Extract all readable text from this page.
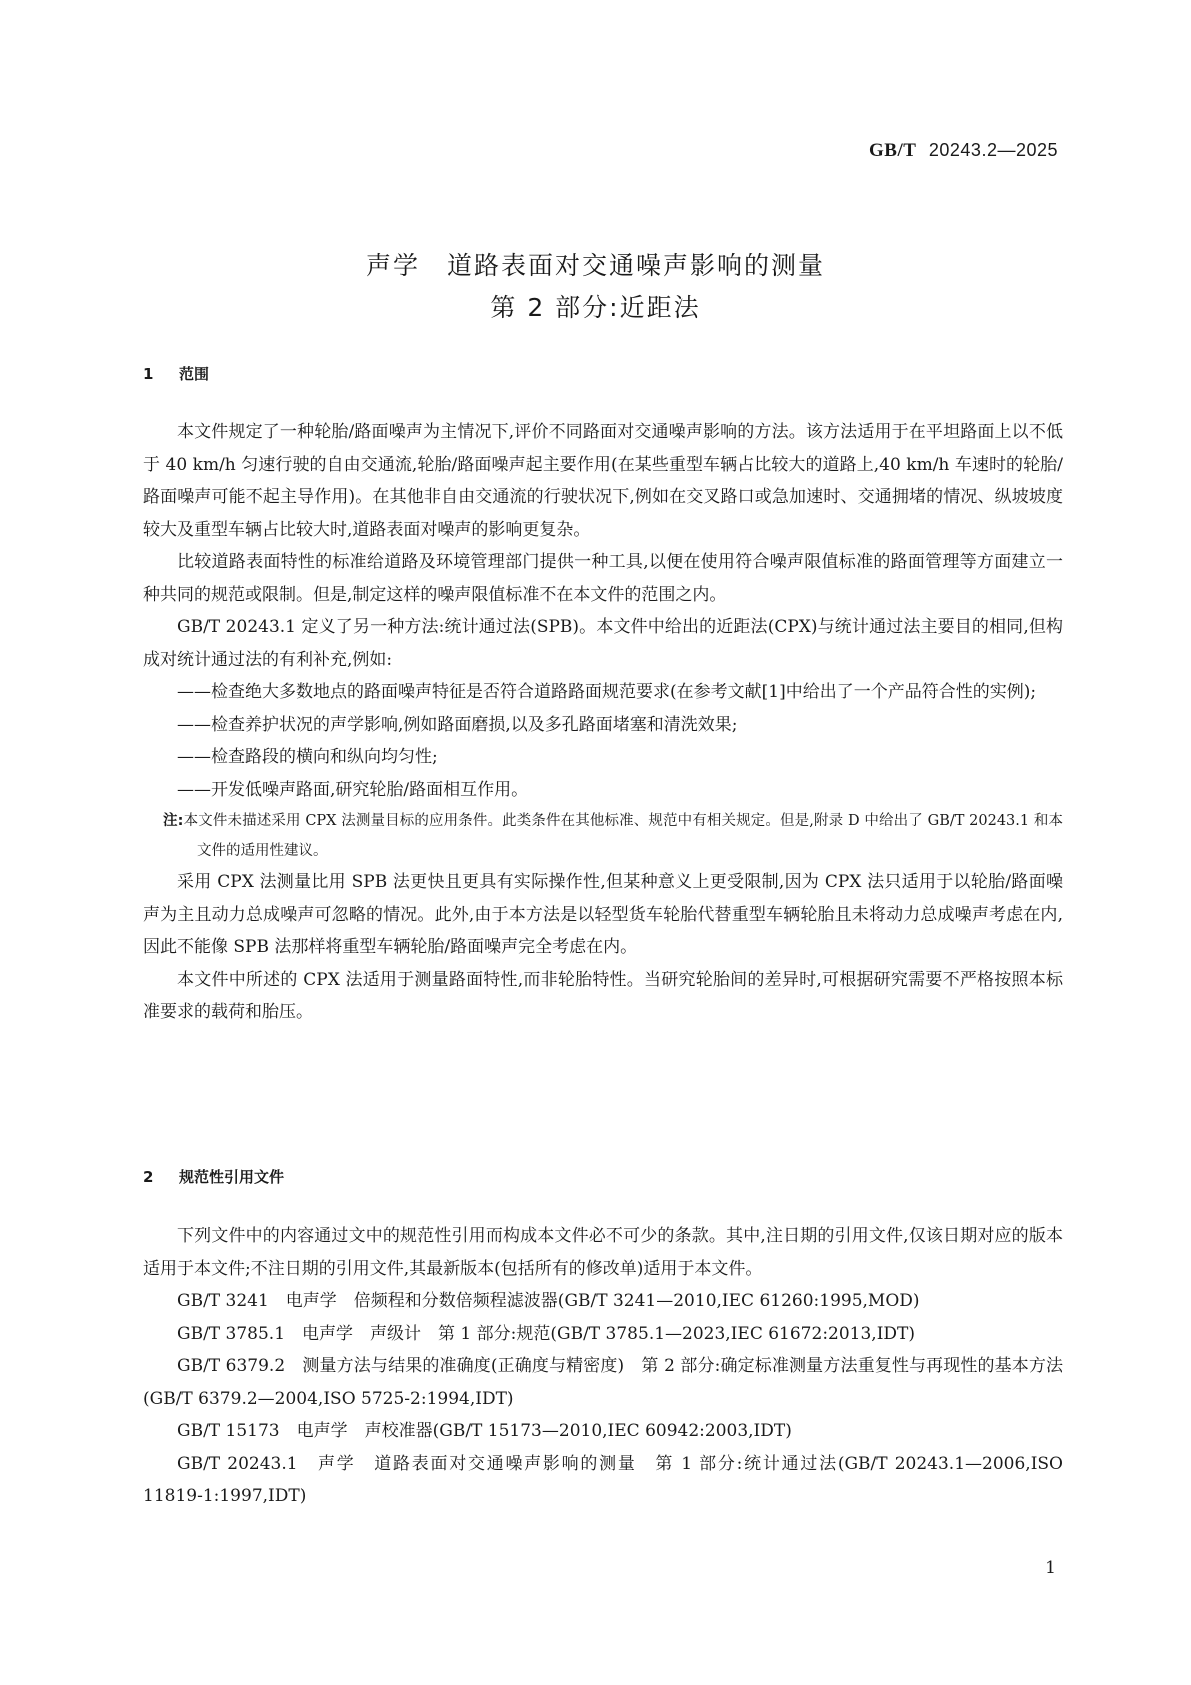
GB/T 20243.2—2025
声学　道路表面对交通噪声影响的测量
第 2 部分:近距法
1 范围

本文件规定了一种轮胎/路面噪声为主情况下,评价不同路面对交通噪声影响的方法。该方法适用于在平坦路面上以不低于 40 km/h 匀速行驶的自由交通流,轮胎/路面噪声起主要作用(在某些重型车辆占比较大的道路上,40 km/h 车速时的轮胎/路面噪声可能不起主导作用)。在其他非自由交通流的行驶状况下,例如在交叉路口或急加速时、交通拥堵的情况、纵坡坡度较大及重型车辆占比较大时,道路表面对噪声的影响更复杂。

比较道路表面特性的标准给道路及环境管理部门提供一种工具,以便在使用符合噪声限值标准的路面管理等方面建立一种共同的规范或限制。但是,制定这样的噪声限值标准不在本文件的范围之内。

GB/T 20243.1 定义了另一种方法:统计通过法(SPB)。本文件中给出的近距法(CPX)与统计通过法主要目的相同,但构成对统计通过法的有利补充,例如:

——检查绝大多数地点的路面噪声特征是否符合道路路面规范要求(在参考文献[1]中给出了一个产品符合性的实例);

——检查养护状况的声学影响,例如路面磨损,以及多孔路面堵塞和清洗效果;

——检查路段的横向和纵向均匀性;

——开发低噪声路面,研究轮胎/路面相互作用。

注:本文件未描述采用 CPX 法测量目标的应用条件。此类条件在其他标准、规范中有相关规定。但是,附录 D 中给出了 GB/T 20243.1 和本文件的适用性建议。

采用 CPX 法测量比用 SPB 法更快且更具有实际操作性,但某种意义上更受限制,因为 CPX 法只适用于以轮胎/路面噪声为主且动力总成噪声可忽略的情况。此外,由于本方法是以轻型货车轮胎代替重型车辆轮胎且未将动力总成噪声考虑在内,因此不能像 SPB 法那样将重型车辆轮胎/路面噪声完全考虑在内。

本文件中所述的 CPX 法适用于测量路面特性,而非轮胎特性。当研究轮胎间的差异时,可根据研究需要不严格按照本标准要求的载荷和胎压。

2 规范性引用文件

下列文件中的内容通过文中的规范性引用而构成本文件必不可少的条款。其中,注日期的引用文件,仅该日期对应的版本适用于本文件;不注日期的引用文件,其最新版本(包括所有的修改单)适用于本文件。

GB/T 3241　电声学　倍频程和分数倍频程滤波器(GB/T 3241—2010,IEC 61260:1995,MOD)

GB/T 3785.1　电声学　声级计　第 1 部分:规范(GB/T 3785.1—2023,IEC 61672:2013,IDT)

GB/T 6379.2　测量方法与结果的准确度(正确度与精密度)　第 2 部分:确定标准测量方法重复性与再现性的基本方法(GB/T 6379.2—2004,ISO 5725-2:1994,IDT)

GB/T 15173　电声学　声校准器(GB/T 15173—2010,IEC 60942:2003,IDT)

GB/T 20243.1　声学　道路表面对交通噪声影响的测量　第 1 部分:统计通过法(GB/T 20243.1—2006,ISO 11819-1:1997,IDT)

1
